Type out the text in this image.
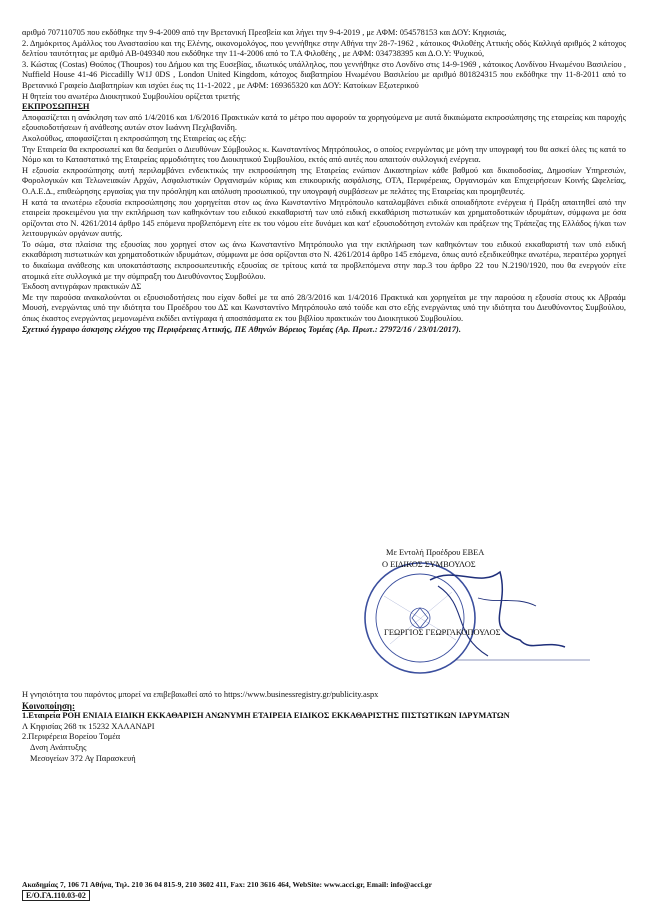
αριθμό 707110705 που εκδόθηκε την 9-4-2009 από την Βρετανική Πρεσβεία και λήγει την 9-4-2019 , με ΑΦΜ: 054578153 και ΔΟΥ: Κηφισιάς,

2. Δημόκριτος Αμάλλος του Αναστασίου και της Ελένης, οικονομολόγος, που γεννήθηκε στην Αθήνα την 28-7-1962 , κάτοικος Φιλοθέης Αττικής οδός Καλλιγά αριθμός 2 κάτοχος δελτίου ταυτότητας με αριθμό ΑΒ-049340 που εκδόθηκε την 11-4-2006 από το Τ.Α Φιλοθέης , με ΑΦΜ: 034738395 και Δ.Ο.Υ: Ψυχικού,

3. Κώστας (Costas) Θούπος (Thoupos) του Δήμου και της Ευσεβίας, ιδιωτικός υπάλληλος, που γεννήθηκε στο Λονδίνο στις 14-9-1969 , κάτοικος Λονδίνου Ηνωμένου Βασιλείου , Nuffield House 41-46 Piccadilly W1J 0DS , London United Kingdom, κάτοχος διαβατηρίου Ηνωμένου Βασιλείου με αριθμό 801824315 που εκδόθηκε την 11-8-2011 από το Βρετανικό Γραφείο Διαβατηρίων και ισχύει έως τις 11-1-2022 , με ΑΦΜ: 169365320 και ΔΟΥ: Κατοίκων Εξωτερικού

Η θητεία του ανωτέρω Διοικητικού Συμβουλίου ορίζεται τριετής

ΕΚΠΡΟΣΩΠΗΣΗ

Αποφασίζεται η ανάκληση των από 1/4/2016 και 1/6/2016 Πρακτικών κατά το μέτρο που αφορούν τα χορηγούμενα με αυτά δικαιώματα εκπροσώπησης της εταιρείας και παροχής εξουσιοδοτήσεων ή ανάθεσης αυτών στον Ιωάννη Πεχλιβανίδη.

Ακολούθως, αποφασίζεται η εκπροσώπηση της Εταιρείας ως εξής:

Την Εταιρεία θα εκπροσωπεί και θα δεσμεύει ο Διευθύνων Σύμβουλος κ. Κωνσταντίνος Μητρόπουλος, ο οποίος ενεργώντας με μόνη την υπογραφή του θα ασκεί όλες τις κατά το Νόμο και το Καταστατικό της Εταιρείας αρμοδιότητες του Διοικητικού Συμβουλίου, εκτός από αυτές που απαιτούν συλλογική ενέργεια.

Η εξουσία εκπροσώπησης αυτή περιλαμβάνει ενδεικτικώς την εκπροσώπηση της Εταιρείας ενώπιον Δικαστηρίων κάθε βαθμού και δικαιοδοσίας, Δημοσίων Υπηρεσιών, Φορολογικών και Τελωνειακών Αρχών, Ασφαλιστικών Οργανισμών κύριας και επικουρικής ασφάλισης, ΟΤΑ, Περιφέρειας, Οργανισμών και Επιχειρήσεων Κοινής Ωφελείας, Ο.Α.Ε.Δ., επιθεώρησης εργασίας για την πρόσληψη και απόλυση προσωπικού, την υπογραφή συμβάσεων με πελάτες της Εταιρείας και προμηθευτές.

Η κατά τα ανωτέρω εξουσία εκπροσώπησης που χορηγείται στον ως άνω Κωνσταντίνο Μητρόπουλο καταλαμβάνει ειδικά οποιαδήποτε ενέργεια ή Πράξη απαιτηθεί από την εταιρεία προκειμένου για την εκπλήρωση των καθηκόντων του ειδικού εκκαθαριστή των υπό ειδική εκκαθάριση πιστωτικών και χρηματοδοτικών ιδρυμάτων, σύμφωνα με όσα ορίζονται στο Ν. 4261/2014 άρθρο 145 επόμενα προβλεπόμενη είτε εκ του νόμου είτε δυνάμει και κατ' εξουσιοδότηση εντολών και πράξεων της Τράπεζας της Ελλάδος ή/και των λειτουργικών οργάνων αυτής.

Το σώμα, στα πλαίσια της εξουσίας που χορηγεί στον ως άνω Κωνσταντίνο Μητρόπουλο για την εκπλήρωση των καθηκόντων του ειδικού εκκαθαριστή των υπό ειδική εκκαθάριση πιστωτικών και χρηματοδοτικών ιδρυμάτων, σύμφωνα με όσα ορίζονται στο Ν. 4261/2014 άρθρο 145 επόμενα, όπως αυτό εξειδικεύθηκε ανωτέρω, περαιτέρω χορηγεί το δικαίωμα ανάθεσης και υποκατάστασης εκπροσωπευτικής εξουσίας σε τρίτους κατά τα προβλεπόμενα στην παρ.3 του άρθρο 22 του Ν.2190/1920, που θα ενεργούν είτε ατομικά είτε συλλογικά με την σύμπραξη του Διευθύνοντος Συμβούλου.

Έκδοση αντιγράφων πρακτικών ΔΣ

Με την παρούσα ανακαλούνται οι εξουσιοδοτήσεις που είχαν δοθεί με τα από 28/3/2016 και 1/4/2016 Πρακτικά και χορηγείται με την παρούσα η εξουσία στους κκ Αβραάμ Μουσή, ενεργώντας υπό την ιδιότητα του Προέδρου του ΔΣ και Κωνσταντίνο Μητρόπουλο από τούδε και στο εξής ενεργώντας υπό την ιδιότητα του Διευθύνοντος Συμβούλου, όπως έκαστος ενεργώντας μεμονωμένα εκδίδει αντίγραφα ή αποσπάσματα εκ του βιβλίου πρακτικών του Διοικητικού Συμβουλίου.

Σχετικό έγγραφο άσκησης ελέγχου της Περιφέρειας Αττικής, ΠΕ Αθηνών Βόρειος Τομέας (Αρ. Πρωτ.: 27972/16 / 23/01/2017).

Με Εντολή Προέδρου ΕΒΕΑ
Ο ΕΙΔΙΚΟΣ ΣΥΜΒΟΥΛΟΣ
ΓΕΩΡΓΙΟΣ ΓΕΩΡΓΑΚΟΠΟΥΛΟΣ

Η γνησιότητα του παρόντος μπορεί να επιβεβαιωθεί από το https://www.businessregistry.gr/publicity.aspx

Κοινοποίηση:

1.Εταιρεία ΡΟΗ ΕΝΙΑΙΑ ΕΙΔΙΚΗ ΕΚΚΑΘΑΡΙΣΗ ΑΝΩΝΥΜΗ ΕΤΑΙΡΕΙΑ ΕΙΔΙΚΟΣ ΕΚΚΑΘΑΡΙΣΤΗΣ ΠΙΣΤΩΤΙΚΩΝ ΙΔΡΥΜΑΤΩΝ

Λ Κηφισίας 268 τκ 15232 ΧΑΛΑΝΔΡΙ

2.Περιφέρεια Βορείου Τομέα

Δνση Ανάπτυξης

Μεσογείων 372 Αγ Παρασκευή

Ακαδημίας 7, 106 71 Αθήνα, Τηλ. 210 36 04 815-9, 210 3602 411, Fax: 210 3616 464, WebSite: www.acci.gr, Email: info@acci.gr
Ε/Ο.ΓΑ.110.03-02
